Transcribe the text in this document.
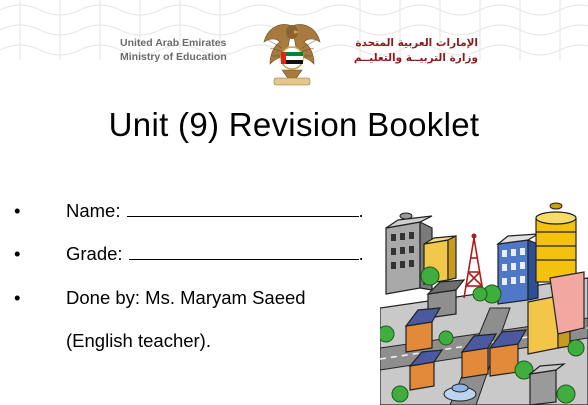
United Arab Emirates
Ministry of Education
الإمارات العربية المتحدة
وزارة التربيــة والتعليــم
Unit (9) Revision Booklet
• Name:	.
• Grade:	.
• Done by: Ms. Maryam Saeed
(English teacher).
